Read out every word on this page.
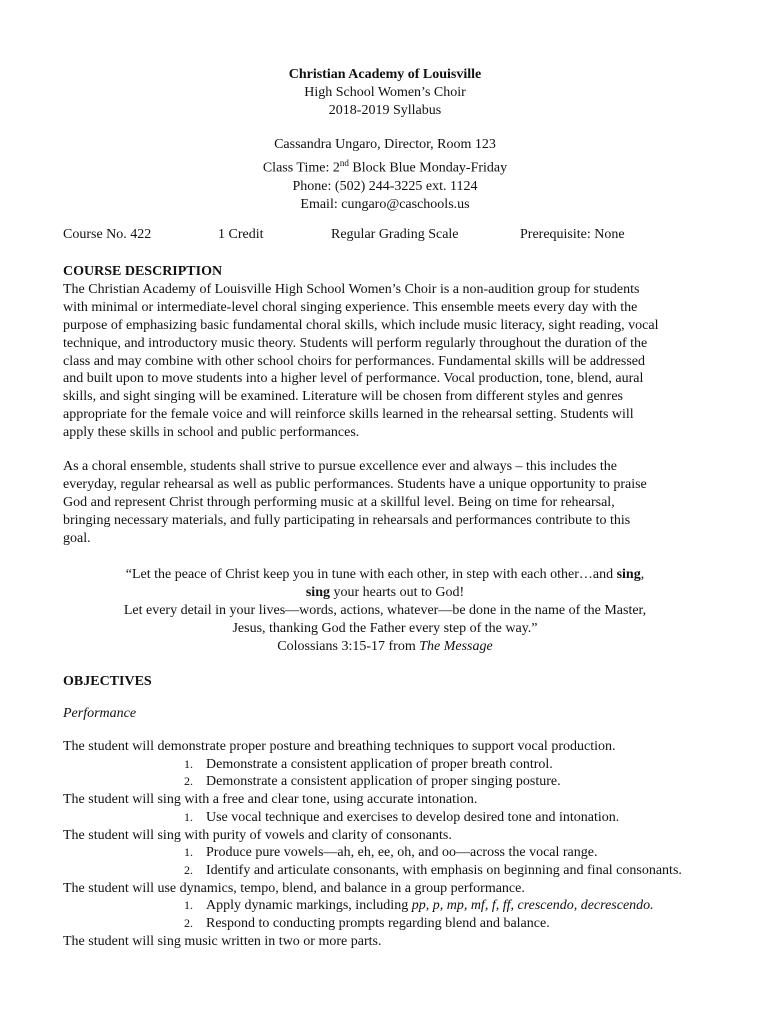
Christian Academy of Louisville
High School Women’s Choir
2018-2019 Syllabus
Cassandra Ungaro, Director, Room 123
Class Time: 2nd Block Blue Monday-Friday
Phone: (502) 244-3225 ext. 1124
Email: cungaro@caschools.us
Course No. 422	1 Credit	Regular Grading Scale	Prerequisite: None
COURSE DESCRIPTION
The Christian Academy of Louisville High School Women’s Choir is a non-audition group for students
with minimal or intermediate-level choral singing experience. This ensemble meets every day with the
purpose of emphasizing basic fundamental choral skills, which include music literacy, sight reading, vocal
technique, and introductory music theory. Students will perform regularly throughout the duration of the
class and may combine with other school choirs for performances. Fundamental skills will be addressed
and built upon to move students into a higher level of performance. Vocal production, tone, blend, aural
skills, and sight singing will be examined. Literature will be chosen from different styles and genres
appropriate for the female voice and will reinforce skills learned in the rehearsal setting. Students will
apply these skills in school and public performances.
As a choral ensemble, students shall strive to pursue excellence ever and always – this includes the
everyday, regular rehearsal as well as public performances. Students have a unique opportunity to praise
God and represent Christ through performing music at a skillful level. Being on time for rehearsal,
bringing necessary materials, and fully participating in rehearsals and performances contribute to this
goal.
“Let the peace of Christ keep you in tune with each other, in step with each other…and sing,
sing your hearts out to God!
Let every detail in your lives—words, actions, whatever—be done in the name of the Master,
Jesus, thanking God the Father every step of the way.”
Colossians 3:15-17 from The Message
OBJECTIVES
Performance
The student will demonstrate proper posture and breathing techniques to support vocal production.
1. Demonstrate a consistent application of proper breath control.
2. Demonstrate a consistent application of proper singing posture.
The student will sing with a free and clear tone, using accurate intonation.
1. Use vocal technique and exercises to develop desired tone and intonation.
The student will sing with purity of vowels and clarity of consonants.
1. Produce pure vowels—ah, eh, ee, oh, and oo—across the vocal range.
2. Identify and articulate consonants, with emphasis on beginning and final consonants.
The student will use dynamics, tempo, blend, and balance in a group performance.
1. Apply dynamic markings, including pp, p, mp, mf, f, ff, crescendo, decrescendo.
2. Respond to conducting prompts regarding blend and balance.
The student will sing music written in two or more parts.
